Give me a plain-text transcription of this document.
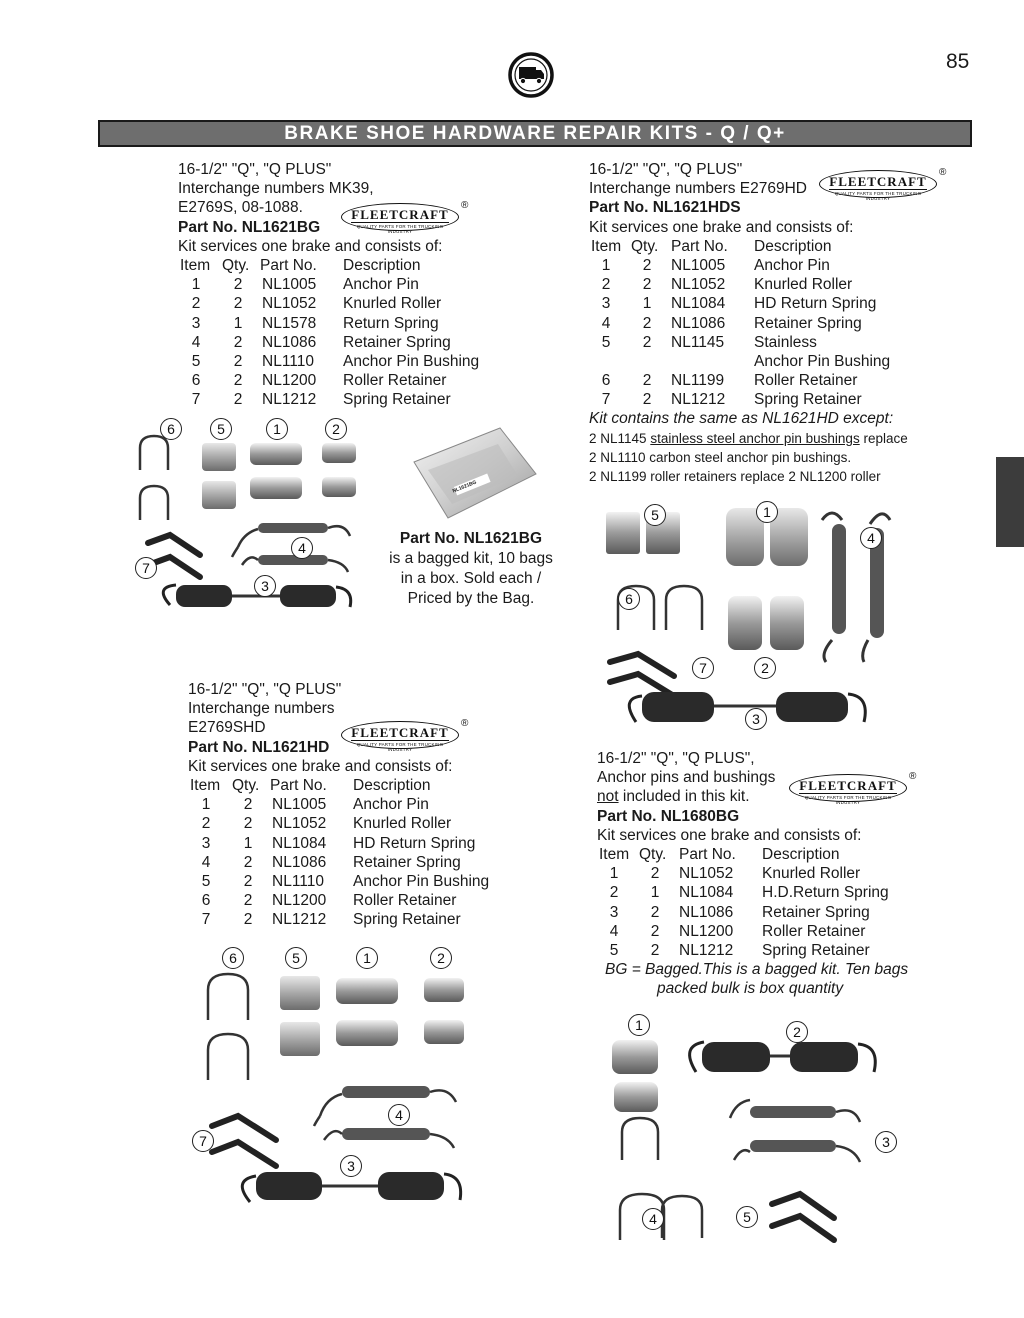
85
BRAKE SHOE HARDWARE REPAIR KITS - Q / Q+
16-1/2" "Q", "Q PLUS"
Interchange numbers MK39,
E2769S, 08-1088.
Part No. NL1621BG
Kit services one brake and consists of:
Item Qty. Part No.	Description
1	2	NL1005	Anchor Pin
2	2	NL1052	Knurled Roller
3	1	NL1578	Return Spring
4	2	NL1086	Retainer Spring
5	2	NL1110	Anchor Pin Bushing
6	2	NL1200	Roller Retainer
7	2	NL1212	Spring Retainer
FLEETCRAFT
QUALITY PARTS FOR THE TRUCKING INDUSTRY
®
6	5	1	2
4
7
3
NL1621BG
Part No. NL1621BG
is a bagged kit, 10 bags
in a box. Sold each /
Priced by the Bag.
16-1/2" "Q", "Q PLUS"
Interchange numbers E2769HD
Part No. NL1621HDS
Kit services one brake and consists of:
Item Qty. Part No.	Description
1	2	NL1005	Anchor Pin
2	2	NL1052	Knurled Roller
3	1	NL1084	HD Return Spring
4	2	NL1086	Retainer Spring
5	2	NL1145	Stainless
Anchor Pin Bushing
6	2	NL1199	Roller Retainer
7	2	NL1212	Spring Retainer
Kit contains the same as NL1621HD except:
2 NL1145 stainless steel anchor pin bushings replace
2 NL1110 carbon steel anchor pin bushings.
2 NL1199 roller retainers replace 2 NL1200 roller
FLEETCRAFT
QUALITY PARTS FOR THE TRUCKING INDUSTRY
®
5	1
4
6
7	2
3
16-1/2" "Q", "Q PLUS"
Interchange numbers
E2769SHD
Part No. NL1621HD
Kit services one brake and consists of:
Item Qty. Part No.	Description
1	2	NL1005	Anchor Pin
2	2	NL1052	Knurled Roller
3	1	NL1084	HD Return Spring
4	2	NL1086	Retainer Spring
5	2	NL1110	Anchor Pin Bushing
6	2	NL1200	Roller Retainer
7	2	NL1212	Spring Retainer
FLEETCRAFT
QUALITY PARTS FOR THE TRUCKING INDUSTRY
®
6	5	1	2
4
7
3
16-1/2" "Q", "Q PLUS",
Anchor pins and bushings
not included in this kit.
Part No. NL1680BG
Kit services one brake and consists of:
Item Qty. Part No.	Description
1	2	NL1052	Knurled Roller
2	1	NL1084	H.D.Return Spring
3	2	NL1086	Retainer Spring
4	2	NL1200	Roller Retainer
5	2	NL1212	Spring Retainer
BG = Bagged.This is a bagged kit. Ten bags
packed bulk is box quantity
FLEETCRAFT
QUALITY PARTS FOR THE TRUCKING INDUSTRY
®
1	2
3
4	5
